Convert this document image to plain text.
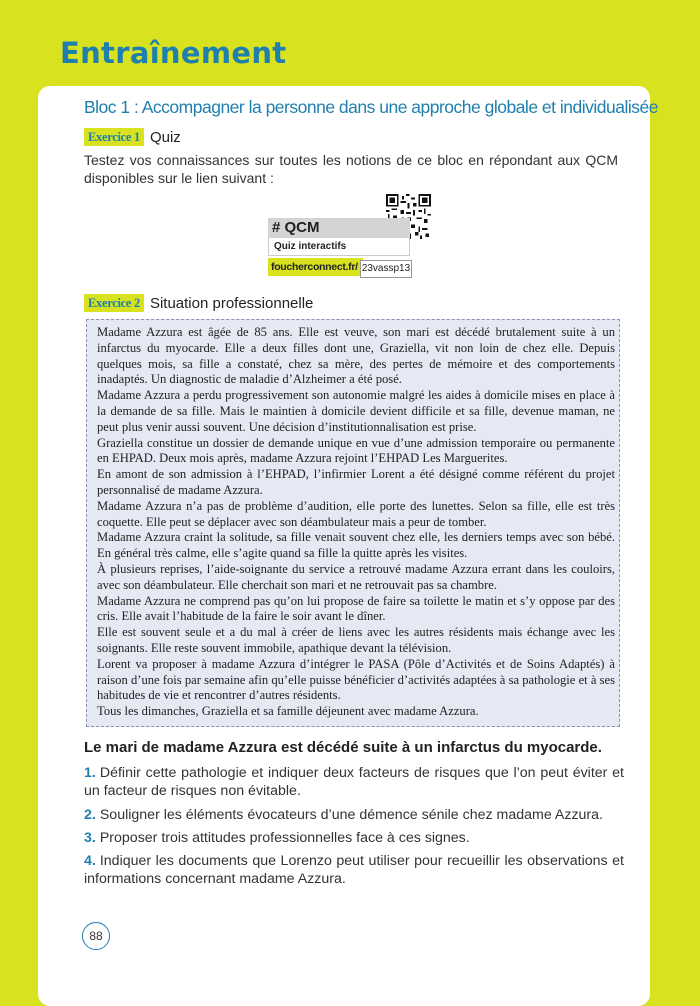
Entraînement
Bloc 1 : Accompagner la personne dans une approche globale et individualisée
Exercice 1 Quiz
Testez vos connaissances sur toutes les notions de ce bloc en répondant aux QCM disponibles sur le lien suivant :
# QCM
Quiz interactifs
foucherconnect.fr/ 23vassp13
Exercice 2 Situation professionnelle

Madame Azzura est âgée de 85 ans. Elle est veuve, son mari est décédé brutalement suite à un infarctus du myocarde. Elle a deux filles dont une, Graziella, vit non loin de chez elle. Depuis quelques mois, sa fille a constaté, chez sa mère, des pertes de mémoire et des comportements inadaptés. Un diagnostic de maladie d’Alzheimer a été posé.

Madame Azzura a perdu progressivement son autonomie malgré les aides à domicile mises en place à la demande de sa fille. Mais le maintien à domicile devient difficile et sa fille, devenue maman, ne peut plus venir aussi souvent. Une décision d’institutionnalisation est prise.

Graziella constitue un dossier de demande unique en vue d’une admission temporaire ou permanente en EHPAD. Deux mois après, madame Azzura rejoint l’EHPAD Les Marguerites.

En amont de son admission à l’EHPAD, l’infirmier Lorent a été désigné comme référent du projet personnalisé de madame Azzura.

Madame Azzura n’a pas de problème d’audition, elle porte des lunettes. Selon sa fille, elle est très coquette. Elle peut se déplacer avec son déambulateur mais a peur de tomber.

Madame Azzura craint la solitude, sa fille venait souvent chez elle, les derniers temps avec son bébé. En général très calme, elle s’agite quand sa fille la quitte après les visites.

À plusieurs reprises, l’aide-soignante du service a retrouvé madame Azzura errant dans les couloirs, avec son déambulateur. Elle cherchait son mari et ne retrouvait pas sa chambre.

Madame Azzura ne comprend pas qu’on lui propose de faire sa toilette le matin et s’y oppose par des cris. Elle avait l’habitude de la faire le soir avant le dîner.

Elle est souvent seule et a du mal à créer de liens avec les autres résidents mais échange avec les soignants. Elle reste souvent immobile, apathique devant la télévision.

Lorent va proposer à madame Azzura d’intégrer le PASA (Pôle d’Activités et de Soins Adaptés) à raison d’une fois par semaine afin qu’elle puisse bénéficier d’activités adaptées à sa pathologie et à ses habitudes de vie et rencontrer d’autres résidents.

Tous les dimanches, Graziella et sa famille déjeunent avec madame Azzura.

Le mari de madame Azzura est décédé suite à un infarctus du myocarde.
1. Définir cette pathologie et indiquer deux facteurs de risques que l’on peut éviter et un facteur de risques non évitable.
2. Souligner les éléments évocateurs d’une démence sénile chez madame Azzura.
3. Proposer trois attitudes professionnelles face à ces signes.
4. Indiquer les documents que Lorenzo peut utiliser pour recueillir les observations et informations concernant madame Azzura.
88
